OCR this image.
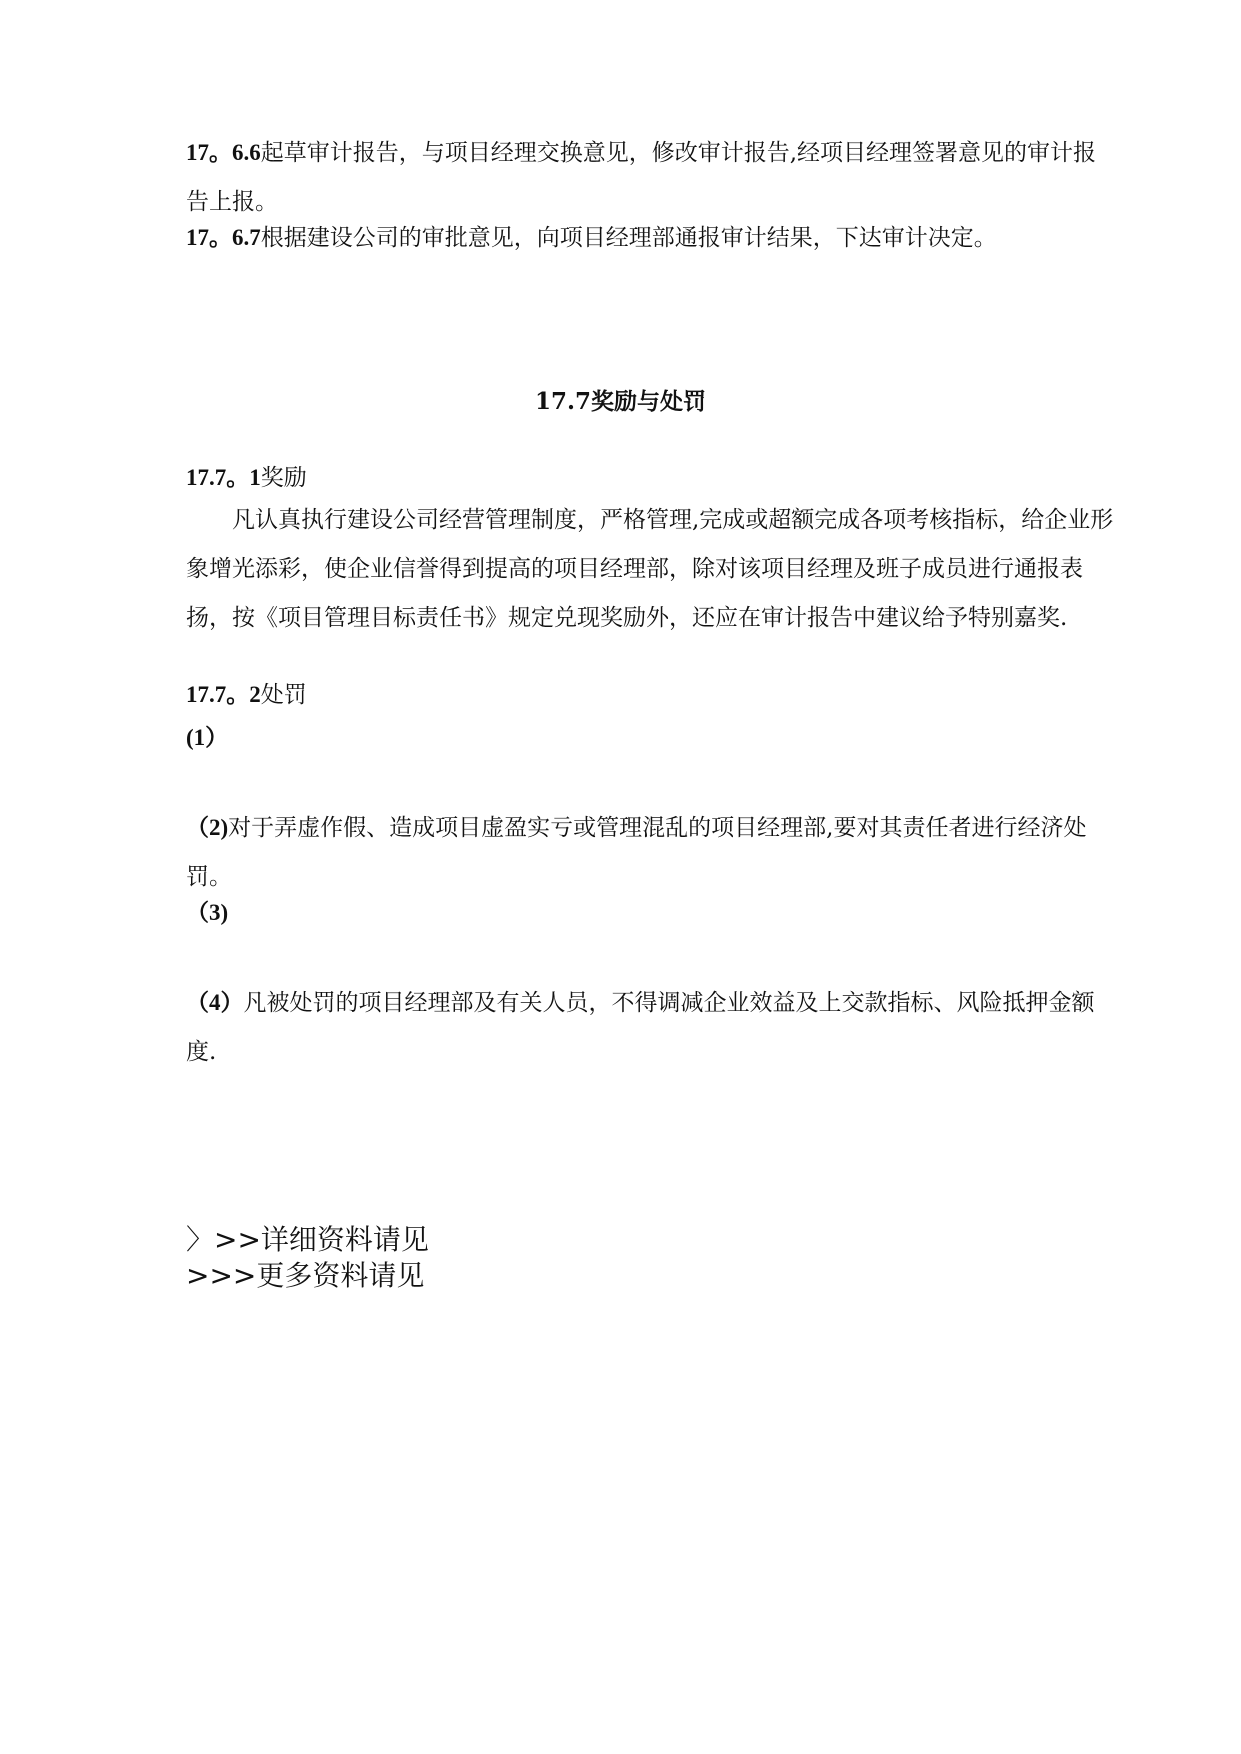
17。6.6起草审计报告，与项目经理交换意见，修改审计报告,经项目经理签署意见的审计报告上报。

17。6.7根据建设公司的审批意见，向项目经理部通报审计结果，下达审计决定。

17.7奖励与处罚

17.7。1奖励

凡认真执行建设公司经营管理制度，严格管理,完成或超额完成各项考核指标，给企业形象增光添彩，使企业信誉得到提高的项目经理部，除对该项目经理及班子成员进行通报表扬，按《项目管理目标责任书》规定兑现奖励外，还应在审计报告中建议给予特别嘉奖.

17.7。2处罚

(1）

（2)对于弄虚作假、造成项目虚盈实亏或管理混乱的项目经理部,要对其责任者进行经济处罚。

（3)

（4）凡被处罚的项目经理部及有关人员，不得调减企业效益及上交款指标、风险抵押金额度.

〉>>详细资料请见
>>>更多资料请见
